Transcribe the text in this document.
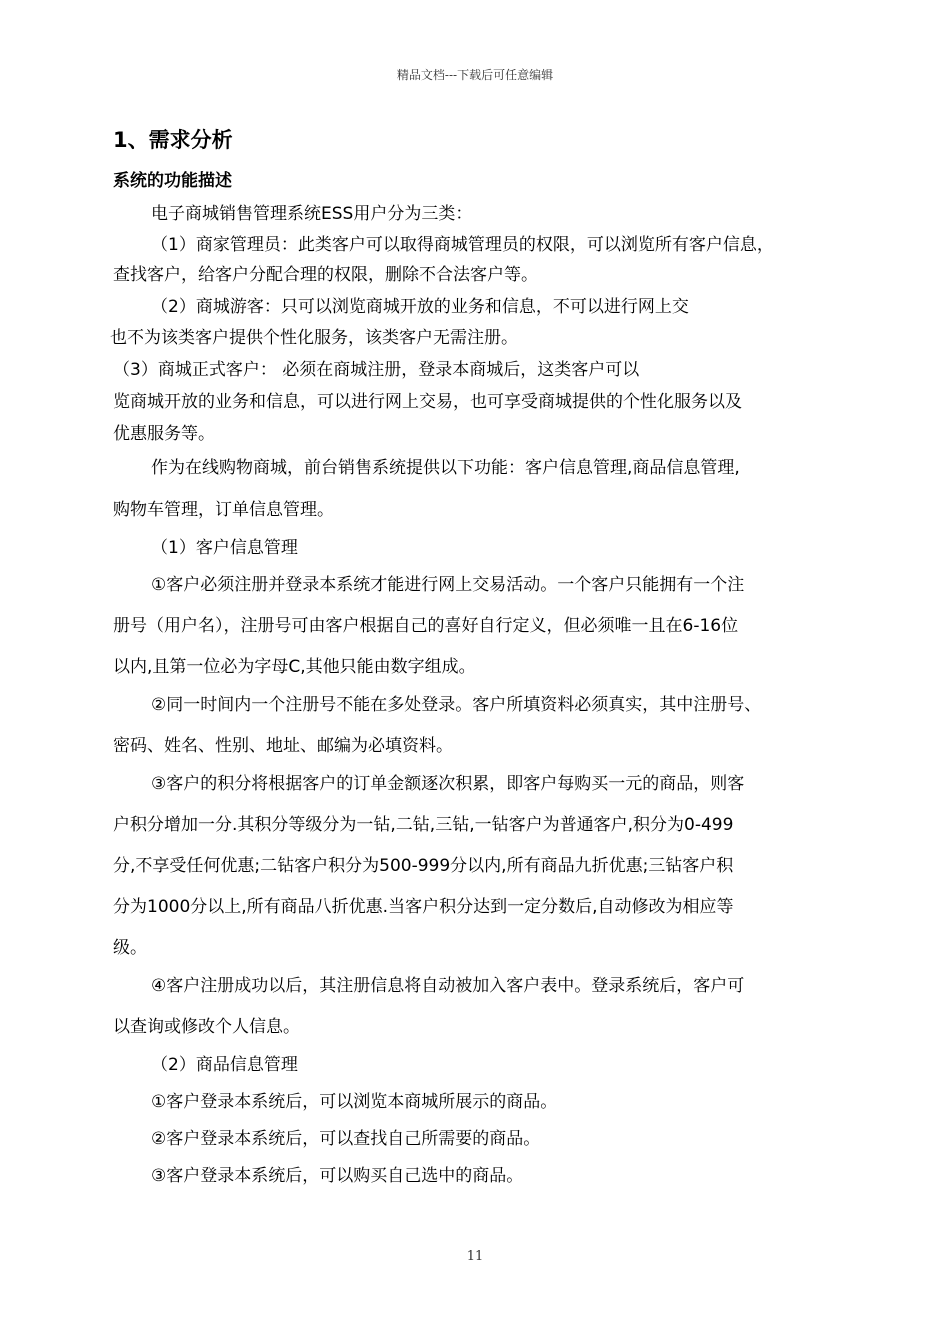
精品文档---下载后可任意编辑
1、需求分析
系统的功能描述
电子商城销售管理系统ESS用户分为三类：
（1）商家管理员：此类客户可以取得商城管理员的权限，可以浏览所有客户信息，
查找客户，给客户分配合理的权限，删除不合法客户等。
（2）商城游客：只可以浏览商城开放的业务和信息，不可以进行网上交
也不为该类客户提供个性化服务，该类客户无需注册。
（3）商城正式客户： 必须在商城注册，登录本商城后，这类客户可以
览商城开放的业务和信息，可以进行网上交易，也可享受商城提供的个性化服务以及
优惠服务等。
作为在线购物商城，前台销售系统提供以下功能：客户信息管理,商品信息管理,
购物车管理，订单信息管理。
（1）客户信息管理
①客户必须注册并登录本系统才能进行网上交易活动。一个客户只能拥有一个注
册号（用户名），注册号可由客户根据自己的喜好自行定义，但必须唯一且在6-16位
以内,且第一位必为字母C,其他只能由数字组成。
②同一时间内一个注册号不能在多处登录。客户所填资料必须真实，其中注册号、
密码、姓名、性别、地址、邮编为必填资料。
③客户的积分将根据客户的订单金额逐次积累，即客户每购买一元的商品，则客
户积分增加一分.其积分等级分为一钻,二钻,三钻,一钻客户为普通客户,积分为0-499
分,不享受任何优惠;二钻客户积分为500-999分以内,所有商品九折优惠;三钻客户积
分为1000分以上,所有商品八折优惠.当客户积分达到一定分数后,自动修改为相应等
级。
④客户注册成功以后，其注册信息将自动被加入客户表中。登录系统后，客户可
以查询或修改个人信息。
（2）商品信息管理
①客户登录本系统后，可以浏览本商城所展示的商品。
②客户登录本系统后，可以查找自己所需要的商品。
③客户登录本系统后，可以购买自己选中的商品。
11
